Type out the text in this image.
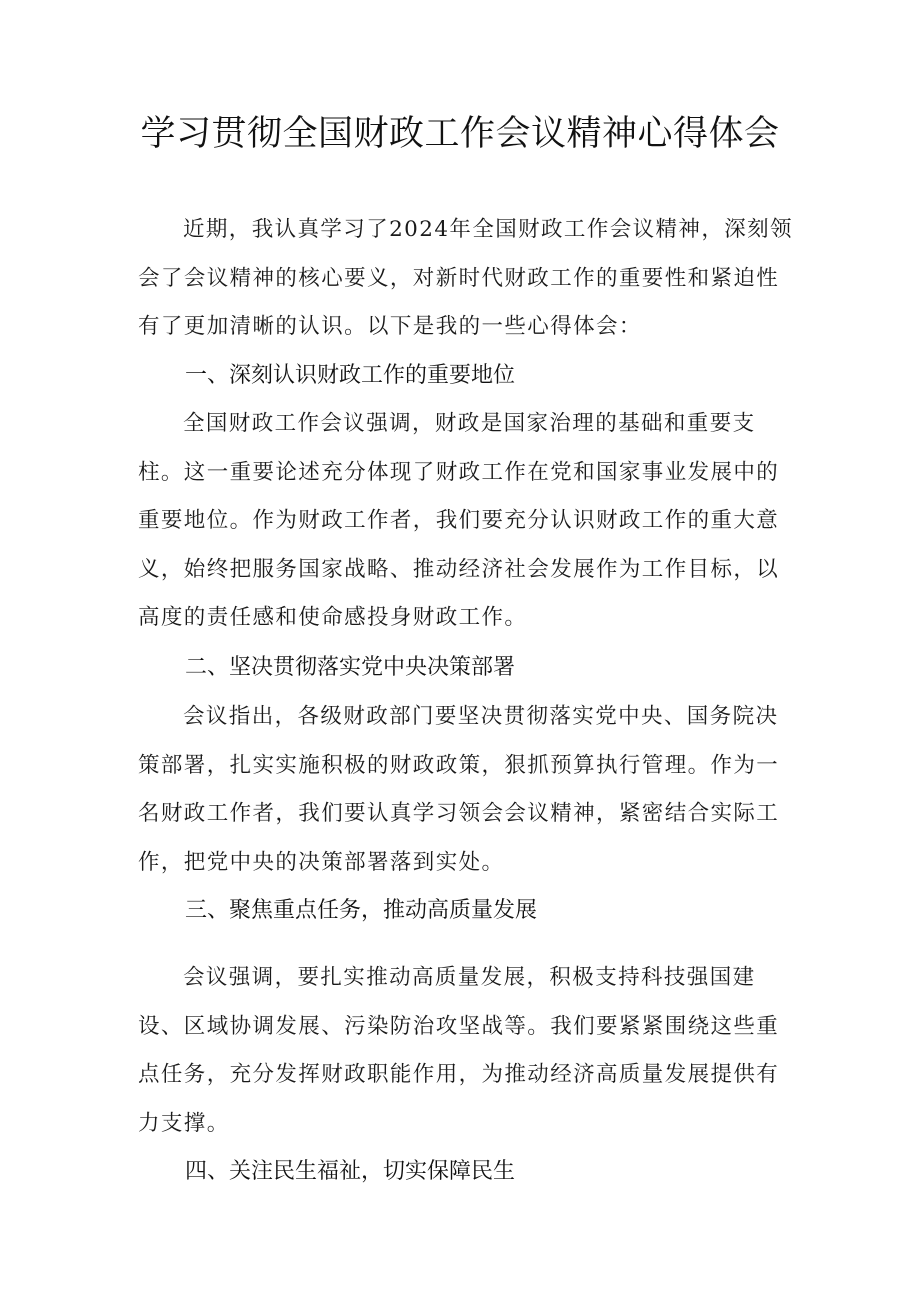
学习贯彻全国财政工作会议精神心得体会

近期，我认真学习了2024年全国财政工作会议精神，深刻领会了会议精神的核心要义，对新时代财政工作的重要性和紧迫性有了更加清晰的认识。以下是我的一些心得体会：

一、深刻认识财政工作的重要地位

全国财政工作会议强调，财政是国家治理的基础和重要支柱。这一重要论述充分体现了财政工作在党和国家事业发展中的重要地位。作为财政工作者，我们要充分认识财政工作的重大意义，始终把服务国家战略、推动经济社会发展作为工作目标，以高度的责任感和使命感投身财政工作。

二、坚决贯彻落实党中央决策部署

会议指出，各级财政部门要坚决贯彻落实党中央、国务院决策部署，扎实实施积极的财政政策，狠抓预算执行管理。作为一名财政工作者，我们要认真学习领会会议精神，紧密结合实际工作，把党中央的决策部署落到实处。

三、聚焦重点任务，推动高质量发展

会议强调，要扎实推动高质量发展，积极支持科技强国建设、区域协调发展、污染防治攻坚战等。我们要紧紧围绕这些重点任务，充分发挥财政职能作用，为推动经济高质量发展提供有力支撑。

四、关注民生福祉，切实保障民生
